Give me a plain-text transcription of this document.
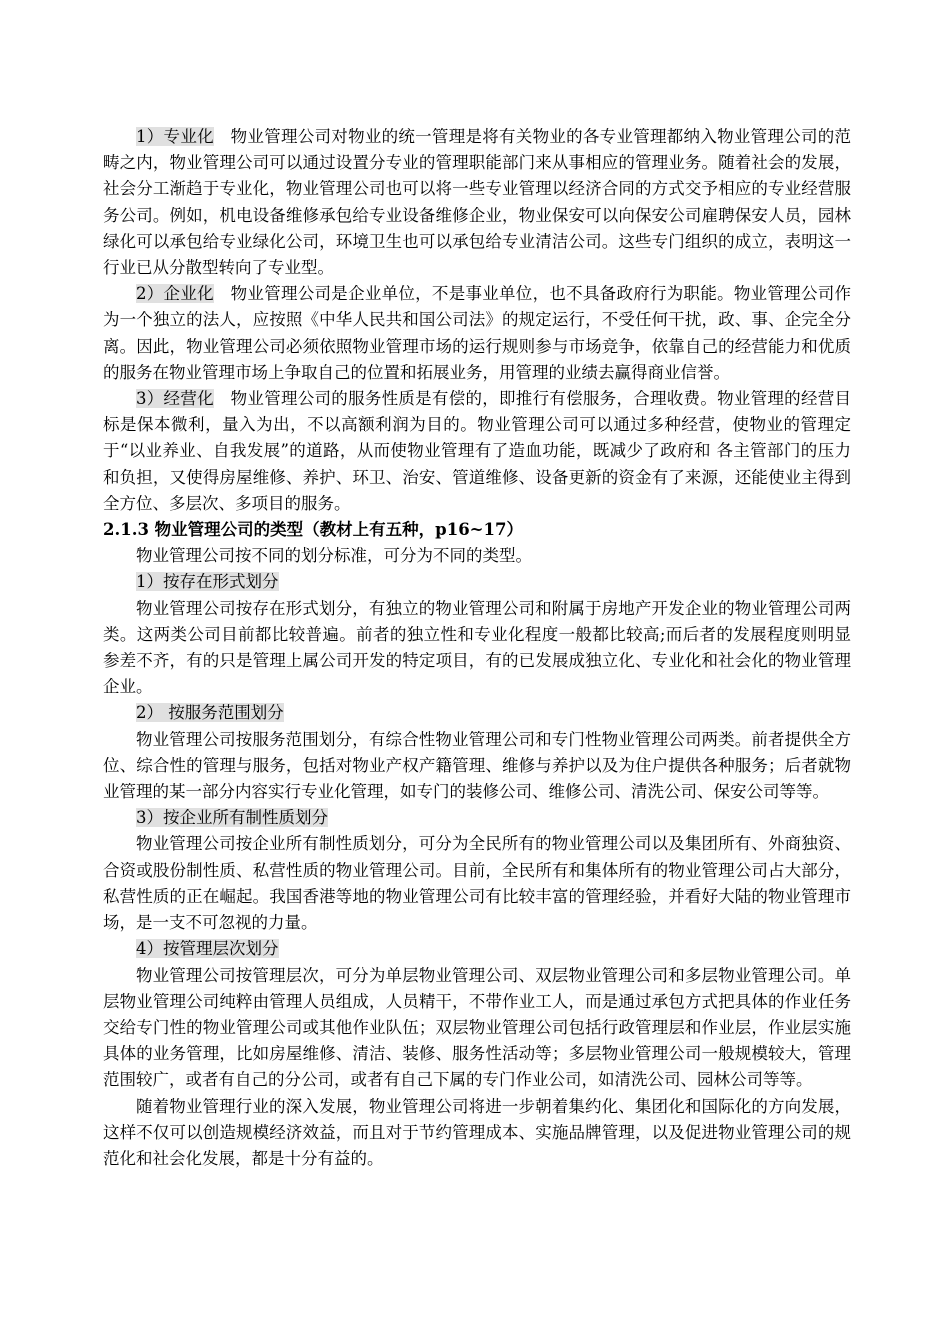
1）专业化　物业管理公司对物业的统一管理是将有关物业的各专业管理都纳入物业管理公司的范畴之内，物业管理公司可以通过设置分专业的管理职能部门来从事相应的管理业务。随着社会的发展，社会分工渐趋于专业化，物业管理公司也可以将一些专业管理以经济合同的方式交予相应的专业经营服务公司。例如，机电设备维修承包给专业设备维修企业，物业保安可以向保安公司雇聘保安人员，园林绿化可以承包给专业绿化公司，环境卫生也可以承包给专业清洁公司。这些专门组织的成立，表明这一行业已从分散型转向了专业型。

2）企业化　物业管理公司是企业单位，不是事业单位，也不具备政府行为职能。物业管理公司作为一个独立的法人，应按照《中华人民共和国公司法》的规定运行，不受任何干扰，政、事、企完全分离。因此，物业管理公司必须依照物业管理市场的运行规则参与市场竞争，依靠自己的经营能力和优质的服务在物业管理市场上争取自己的位置和拓展业务，用管理的业绩去赢得商业信誉。

3）经营化　物业管理公司的服务性质是有偿的，即推行有偿服务，合理收费。物业管理的经营目标是保本微利，量入为出，不以高额利润为目的。物业管理公司可以通过多种经营，使物业的管理定于“以业养业、自我发展”的道路，从而使物业管理有了造血功能，既减少了政府和 各主管部门的压力和负担，又使得房屋维修、养护、环卫、治安、管道维修、设备更新的资金有了来源，还能使业主得到全方位、多层次、多项目的服务。

2.1.3 物业管理公司的类型（教材上有五种，p16~17）

物业管理公司按不同的划分标准，可分为不同的类型。

1）按存在形式划分

物业管理公司按存在形式划分，有独立的物业管理公司和附属于房地产开发企业的物业管理公司两类。这两类公司目前都比较普遍。前者的独立性和专业化程度一般都比较高;而后者的发展程度则明显参差不齐，有的只是管理上属公司开发的特定项目，有的已发展成独立化、专业化和社会化的物业管理企业。

2） 按服务范围划分

物业管理公司按服务范围划分，有综合性物业管理公司和专门性物业管理公司两类。前者提供全方位、综合性的管理与服务，包括对物业产权产籍管理、维修与养护以及为住户提供各种服务；后者就物业管理的某一部分内容实行专业化管理，如专门的装修公司、维修公司、清洗公司、保安公司等等。

3）按企业所有制性质划分

物业管理公司按企业所有制性质划分，可分为全民所有的物业管理公司以及集团所有、外商独资、合资或股份制性质、私营性质的物业管理公司。目前，全民所有和集体所有的物业管理公司占大部分，私营性质的正在崛起。我国香港等地的物业管理公司有比较丰富的管理经验，并看好大陆的物业管理市场，是一支不可忽视的力量。

4）按管理层次划分

物业管理公司按管理层次，可分为单层物业管理公司、双层物业管理公司和多层物业管理公司。单层物业管理公司纯粹由管理人员组成，人员精干，不带作业工人，而是通过承包方式把具体的作业任务交给专门性的物业管理公司或其他作业队伍；双层物业管理公司包括行政管理层和作业层，作业层实施具体的业务管理，比如房屋维修、清洁、装修、服务性活动等；多层物业管理公司一般规模较大，管理范围较广，或者有自己的分公司，或者有自己下属的专门作业公司，如清洗公司、园林公司等等。

随着物业管理行业的深入发展，物业管理公司将进一步朝着集约化、集团化和国际化的方向发展，这样不仅可以创造规模经济效益，而且对于节约管理成本、实施品牌管理，以及促进物业管理公司的规范化和社会化发展，都是十分有益的。
